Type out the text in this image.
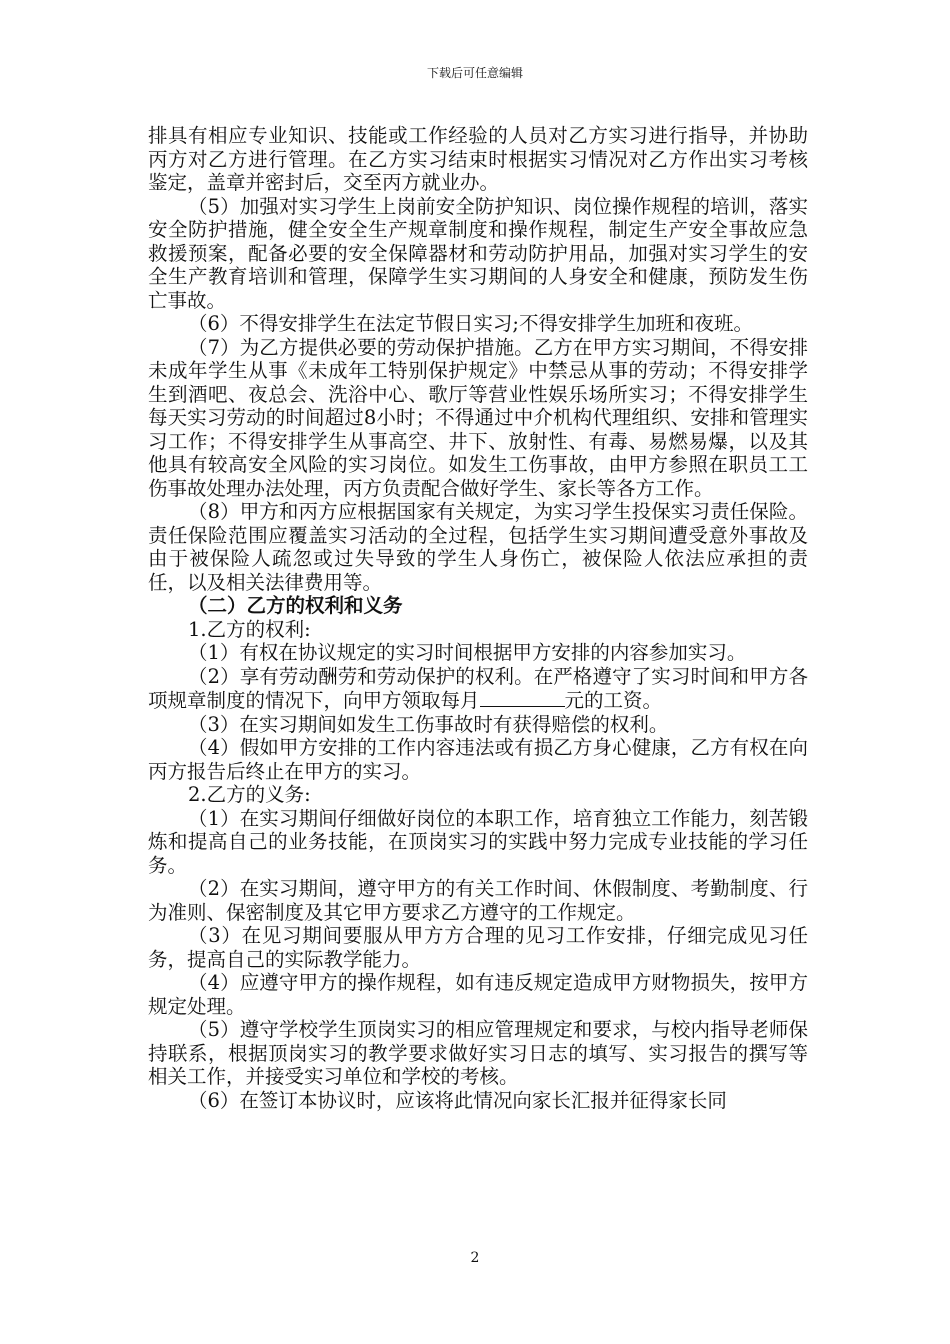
下载后可任意编辑

排具有相应专业知识、技能或工作经验的人员对乙方实习进行指导，并协助丙方对乙方进行管理。在乙方实习结束时根据实习情况对乙方作出实习考核鉴定，盖章并密封后，交至丙方就业办。

（5）加强对实习学生上岗前安全防护知识、岗位操作规程的培训，落实安全防护措施，健全安全生产规章制度和操作规程，制定生产安全事故应急救援预案，配备必要的安全保障器材和劳动防护用品，加强对实习学生的安全生产教育培训和管理，保障学生实习期间的人身安全和健康，预防发生伤亡事故。

（6）不得安排学生在法定节假日实习;不得安排学生加班和夜班。

（7）为乙方提供必要的劳动保护措施。乙方在甲方实习期间，不得安排未成年学生从事《未成年工特别保护规定》中禁忌从事的劳动；不得安排学生到酒吧、夜总会、洗浴中心、歌厅等营业性娱乐场所实习；不得安排学生每天实习劳动的时间超过8小时；不得通过中介机构代理组织、安排和管理实习工作；不得安排学生从事高空、井下、放射性、有毒、易燃易爆，以及其他具有较高安全风险的实习岗位。如发生工伤事故，由甲方参照在职员工工伤事故处理办法处理，丙方负责配合做好学生、家长等各方工作。

（8）甲方和丙方应根据国家有关规定，为实习学生投保实习责任保险。责任保险范围应覆盖实习活动的全过程，包括学生实习期间遭受意外事故及由于被保险人疏忽或过失导致的学生人身伤亡，被保险人依法应承担的责任，以及相关法律费用等。

（二）乙方的权利和义务

1.乙方的权利:

（1）有权在协议规定的实习时间根据甲方安排的内容参加实习。

（2）享有劳动酬劳和劳动保护的权利。在严格遵守了实习时间和甲方各项规章制度的情况下，向甲方领取每月	元的工资。

（3）在实习期间如发生工伤事故时有获得赔偿的权利。

（4）假如甲方安排的工作内容违法或有损乙方身心健康，乙方有权在向丙方报告后终止在甲方的实习。

2.乙方的义务:

（1）在实习期间仔细做好岗位的本职工作，培育独立工作能力，刻苦锻炼和提高自己的业务技能，在顶岗实习的实践中努力完成专业技能的学习任务。

（2）在实习期间，遵守甲方的有关工作时间、休假制度、考勤制度、行为准则、保密制度及其它甲方要求乙方遵守的工作规定。

（3）在见习期间要服从甲方方合理的见习工作安排，仔细完成见习任务，提高自己的实际教学能力。

（4）应遵守甲方的操作规程，如有违反规定造成甲方财物损失，按甲方规定处理。

（5）遵守学校学生顶岗实习的相应管理规定和要求，与校内指导老师保持联系，根据顶岗实习的教学要求做好实习日志的填写、实习报告的撰写等相关工作，并接受实习单位和学校的考核。

（6）在签订本协议时，应该将此情况向家长汇报并征得家长同

2
